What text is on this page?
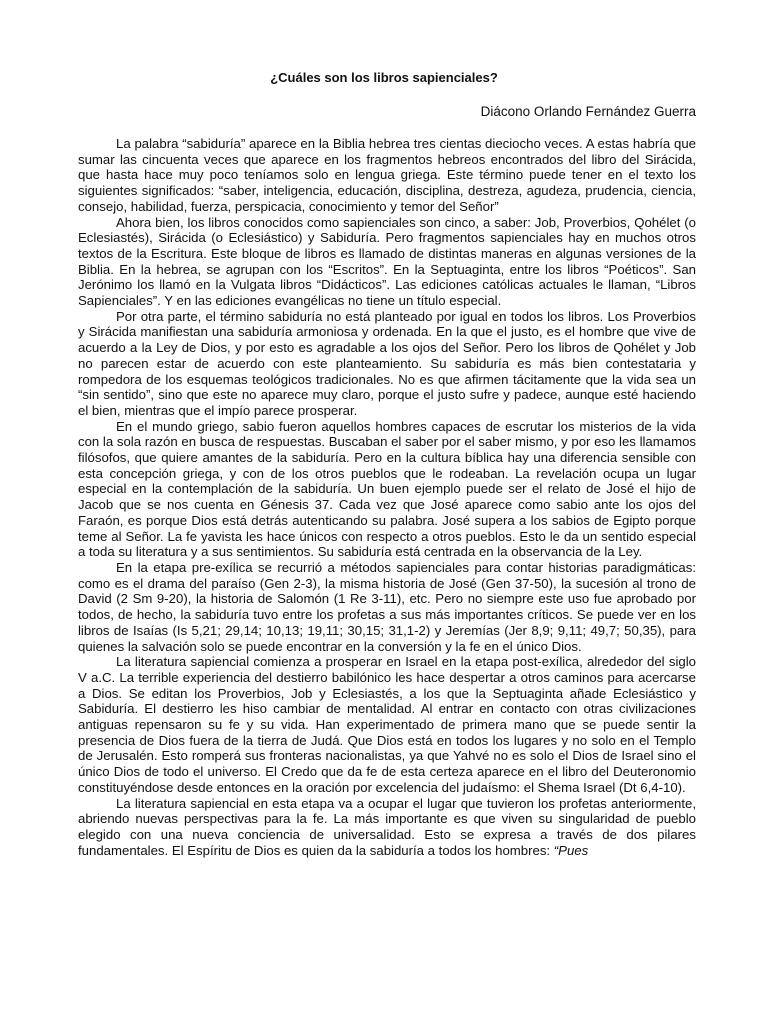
¿Cuáles son los libros sapienciales?
Diácono Orlando Fernández Guerra

La palabra “sabiduría” aparece en la Biblia hebrea tres cientas dieciocho veces. A estas habría que sumar las cincuenta veces que aparece en los fragmentos hebreos encontrados del libro del Sirácida, que hasta hace muy poco teníamos solo en lengua griega. Este término puede tener en el texto los siguientes significados: “saber, inteligencia, educación, disciplina, destreza, agudeza, prudencia, ciencia, consejo, habilidad, fuerza, perspicacia, conocimiento y temor del Señor”

Ahora bien, los libros conocidos como sapienciales son cinco, a saber: Job, Proverbios, Qohélet (o Eclesiastés), Sirácida (o Eclesiástico) y Sabiduría. Pero fragmentos sapienciales hay en muchos otros textos de la Escritura. Este bloque de libros es llamado de distintas maneras en algunas versiones de la Biblia. En la hebrea, se agrupan con los “Escritos”. En la Septuaginta, entre los libros “Poéticos”. San Jerónimo los llamó en la Vulgata libros “Didácticos”. Las ediciones católicas actuales le llaman, “Libros Sapienciales”. Y en las ediciones evangélicas no tiene un título especial.

Por otra parte, el término sabiduría no está planteado por igual en todos los libros. Los Proverbios y Sirácida manifiestan una sabiduría armoniosa y ordenada. En la que el justo, es el hombre que vive de acuerdo a la Ley de Dios, y por esto es agradable a los ojos del Señor. Pero los libros de Qohélet y Job no parecen estar de acuerdo con este planteamiento. Su sabiduría es más bien contestataria y rompedora de los esquemas teológicos tradicionales. No es que afirmen tácitamente que la vida sea un “sin sentido”, sino que este no aparece muy claro, porque el justo sufre y padece, aunque esté haciendo el bien, mientras que el impío parece prosperar.

En el mundo griego, sabio fueron aquellos hombres capaces de escrutar los misterios de la vida con la sola razón en busca de respuestas. Buscaban el saber por el saber mismo, y por eso les llamamos filósofos, que quiere amantes de la sabiduría. Pero en la cultura bíblica hay una diferencia sensible con esta concepción griega, y con de los otros pueblos que le rodeaban. La revelación ocupa un lugar especial en la contemplación de la sabiduría. Un buen ejemplo puede ser el relato de José el hijo de Jacob que se nos cuenta en Génesis 37. Cada vez que José aparece como sabio ante los ojos del Faraón, es porque Dios está detrás autenticando su palabra. José supera a los sabios de Egipto porque teme al Señor. La fe yavista les hace únicos con respecto a otros pueblos. Esto le da un sentido especial a toda su literatura y a sus sentimientos. Su sabiduría está centrada en la observancia de la Ley.

En la etapa pre-exílica se recurrió a métodos sapienciales para contar historias paradigmáticas: como es el drama del paraíso (Gen 2-3), la misma historia de José (Gen 37-50), la sucesión al trono de David (2 Sm 9-20), la historia de Salomón (1 Re 3-11), etc. Pero no siempre este uso fue aprobado por todos, de hecho, la sabiduría tuvo entre los profetas a sus más importantes críticos. Se puede ver en los libros de Isaías (Is 5,21; 29,14; 10,13; 19,11; 30,15; 31,1-2) y Jeremías (Jer 8,9; 9,11; 49,7; 50,35), para quienes la salvación solo se puede encontrar en la conversión y la fe en el único Dios.

La literatura sapiencial comienza a prosperar en Israel en la etapa post-exílica, alrededor del siglo V a.C. La terrible experiencia del destierro babilónico les hace despertar a otros caminos para acercarse a Dios. Se editan los Proverbios, Job y Eclesiastés, a los que la Septuaginta añade Eclesiástico y Sabiduría. El destierro les hiso cambiar de mentalidad. Al entrar en contacto con otras civilizaciones antiguas repensaron su fe y su vida. Han experimentado de primera mano que se puede sentir la presencia de Dios fuera de la tierra de Judá. Que Dios está en todos los lugares y no solo en el Templo de Jerusalén. Esto romperá sus fronteras nacionalistas, ya que Yahvé no es solo el Dios de Israel sino el único Dios de todo el universo. El Credo que da fe de esta certeza aparece en el libro del Deuteronomio constituyéndose desde entonces en la oración por excelencia del judaísmo: el Shema Israel (Dt 6,4-10).

La literatura sapiencial en esta etapa va a ocupar el lugar que tuvieron los profetas anteriormente, abriendo nuevas perspectivas para la fe. La más importante es que viven su singularidad de pueblo elegido con una nueva conciencia de universalidad. Esto se expresa a través de dos pilares fundamentales. El Espíritu de Dios es quien da la sabiduría a todos los hombres: “Pues
